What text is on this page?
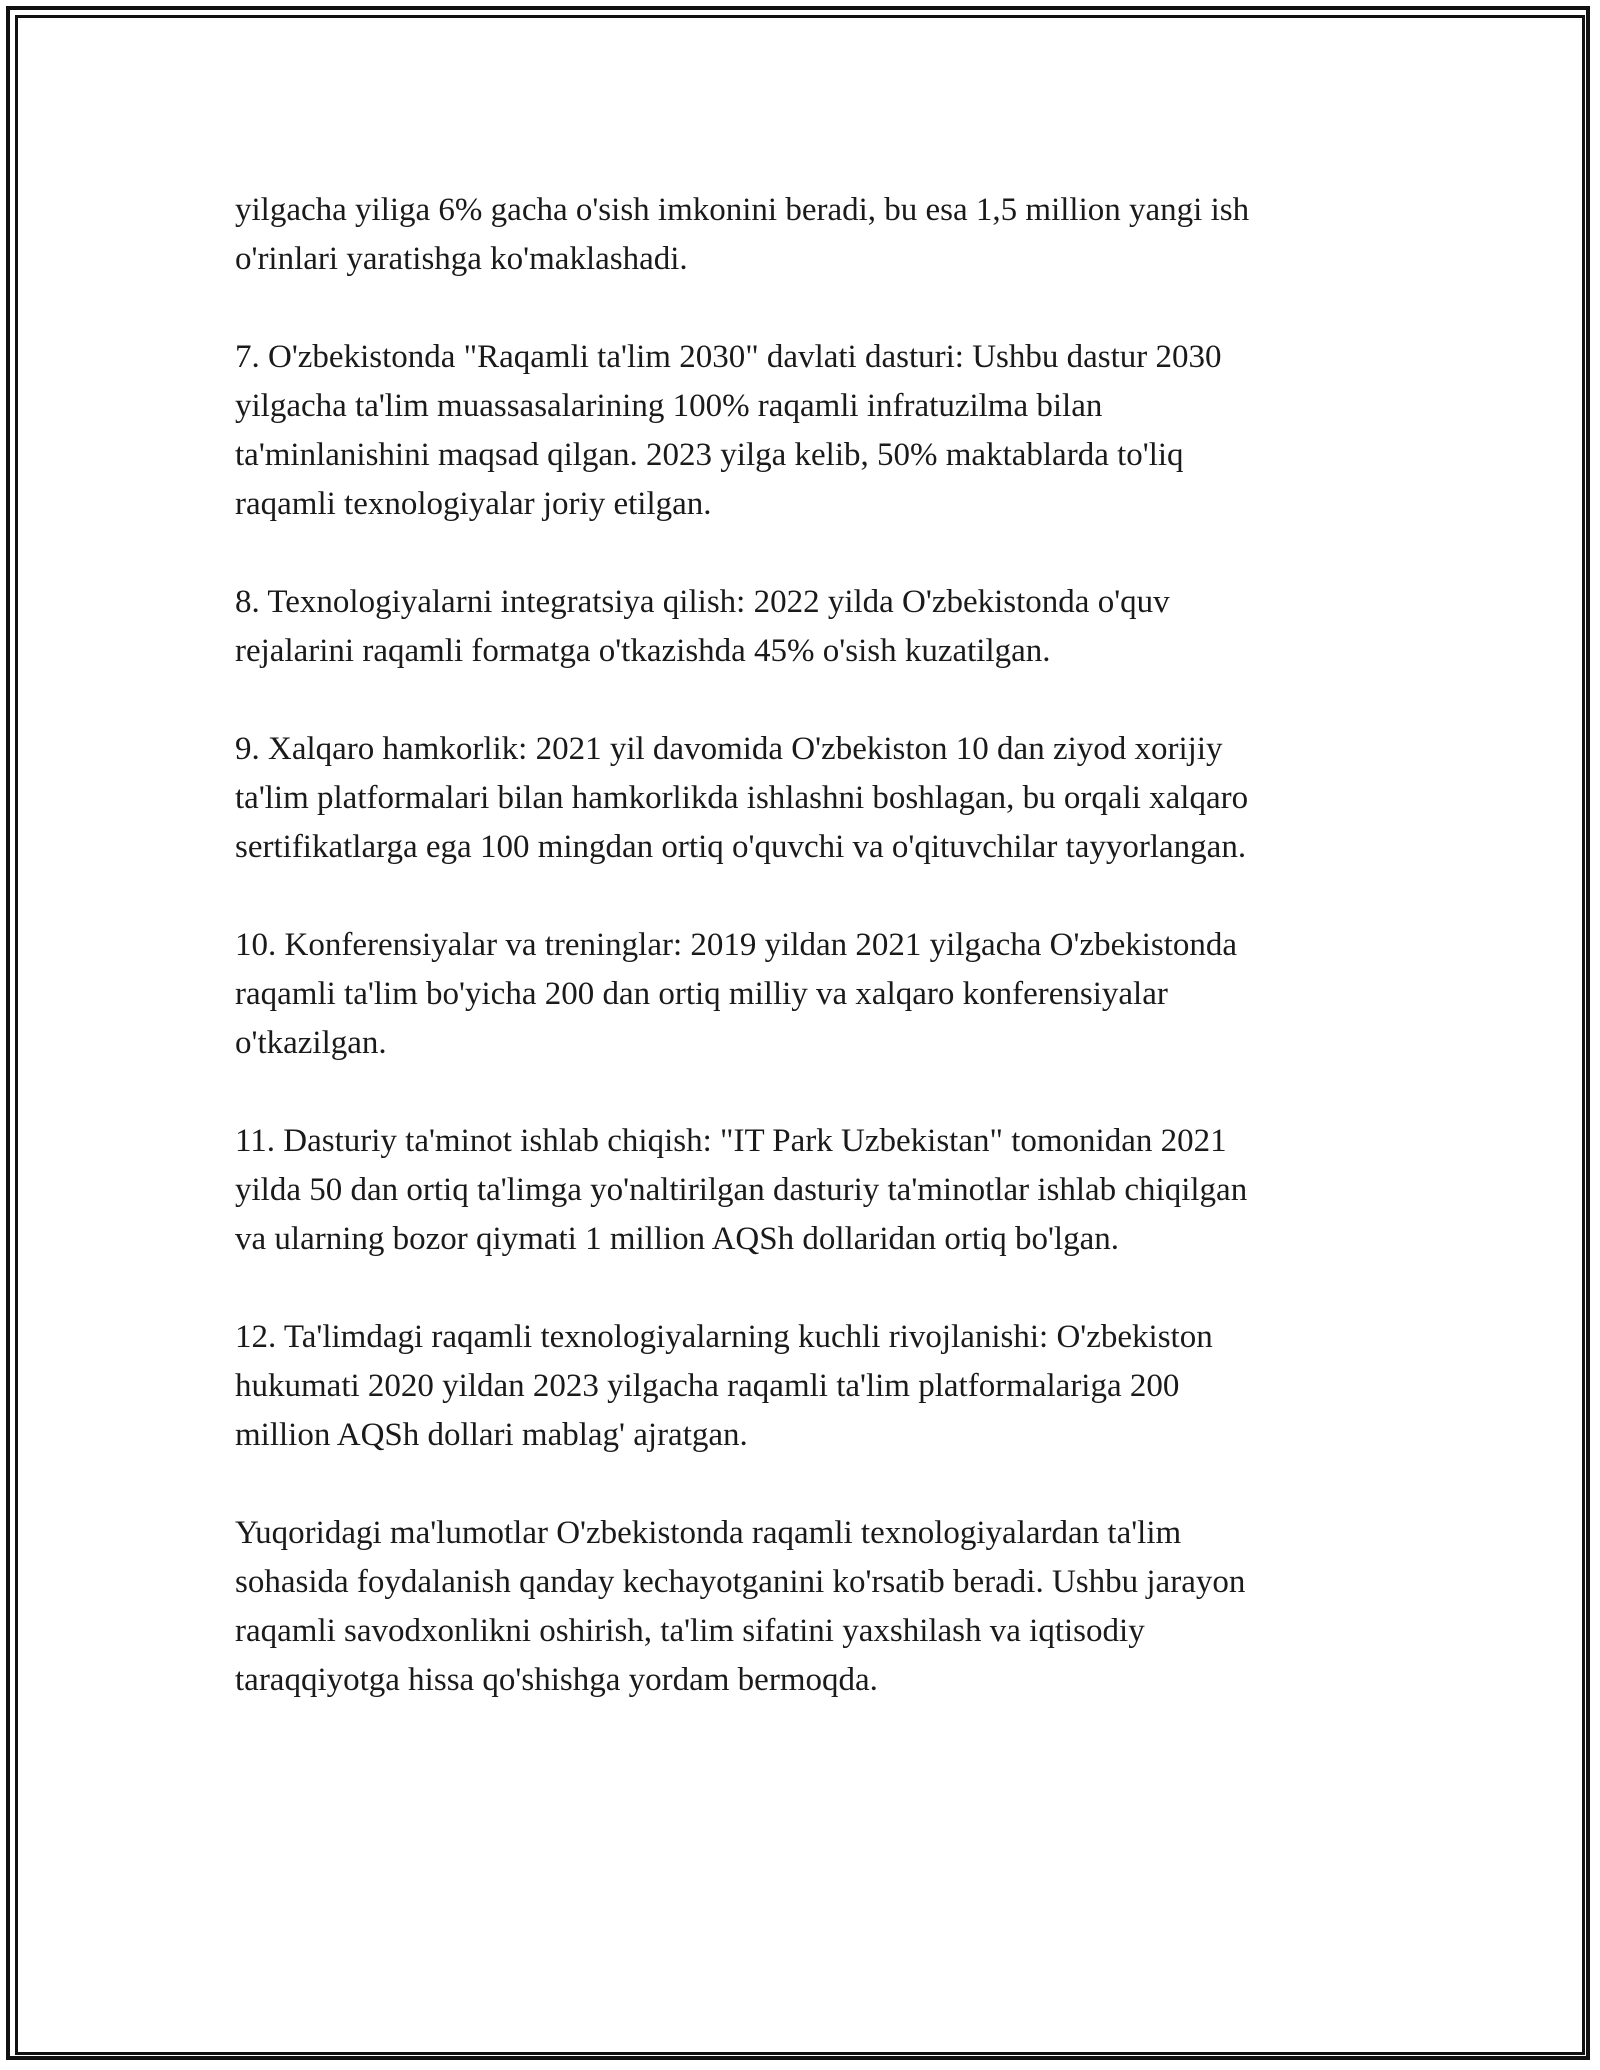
yilgacha yiliga 6% gacha o'sish imkonini beradi, bu esa 1,5 million yangi ish
o'rinlari yaratishga ko'maklashadi.

7. O'zbekistonda "Raqamli ta'lim 2030" davlati dasturi: Ushbu dastur 2030
yilgacha ta'lim muassasalarining 100% raqamli infratuzilma bilan
ta'minlanishini maqsad qilgan. 2023 yilga kelib, 50% maktablarda to'liq
raqamli texnologiyalar joriy etilgan.

8. Texnologiyalarni integratsiya qilish: 2022 yilda O'zbekistonda o'quv
rejalarini raqamli formatga o'tkazishda 45% o'sish kuzatilgan.

9. Xalqaro hamkorlik: 2021 yil davomida O'zbekiston 10 dan ziyod xorijiy
ta'lim platformalari bilan hamkorlikda ishlashni boshlagan, bu orqali xalqaro
sertifikatlarga ega 100 mingdan ortiq o'quvchi va o'qituvchilar tayyorlangan.

10. Konferensiyalar va treninglar: 2019 yildan 2021 yilgacha O'zbekistonda
raqamli ta'lim bo'yicha 200 dan ortiq milliy va xalqaro konferensiyalar
o'tkazilgan.

11. Dasturiy ta'minot ishlab chiqish: "IT Park Uzbekistan" tomonidan 2021
yilda 50 dan ortiq ta'limga yo'naltirilgan dasturiy ta'minotlar ishlab chiqilgan
va ularning bozor qiymati 1 million AQSh dollaridan ortiq bo'lgan.

12. Ta'limdagi raqamli texnologiyalarning kuchli rivojlanishi: O'zbekiston
hukumati 2020 yildan 2023 yilgacha raqamli ta'lim platformalariga 200
million AQSh dollari mablag' ajratgan.

Yuqoridagi ma'lumotlar O'zbekistonda raqamli texnologiyalardan ta'lim
sohasida foydalanish qanday kechayotganini ko'rsatib beradi. Ushbu jarayon
raqamli savodxonlikni oshirish, ta'lim sifatini yaxshilash va iqtisodiy
taraqqiyotga hissa qo'shishga yordam bermoqda.
